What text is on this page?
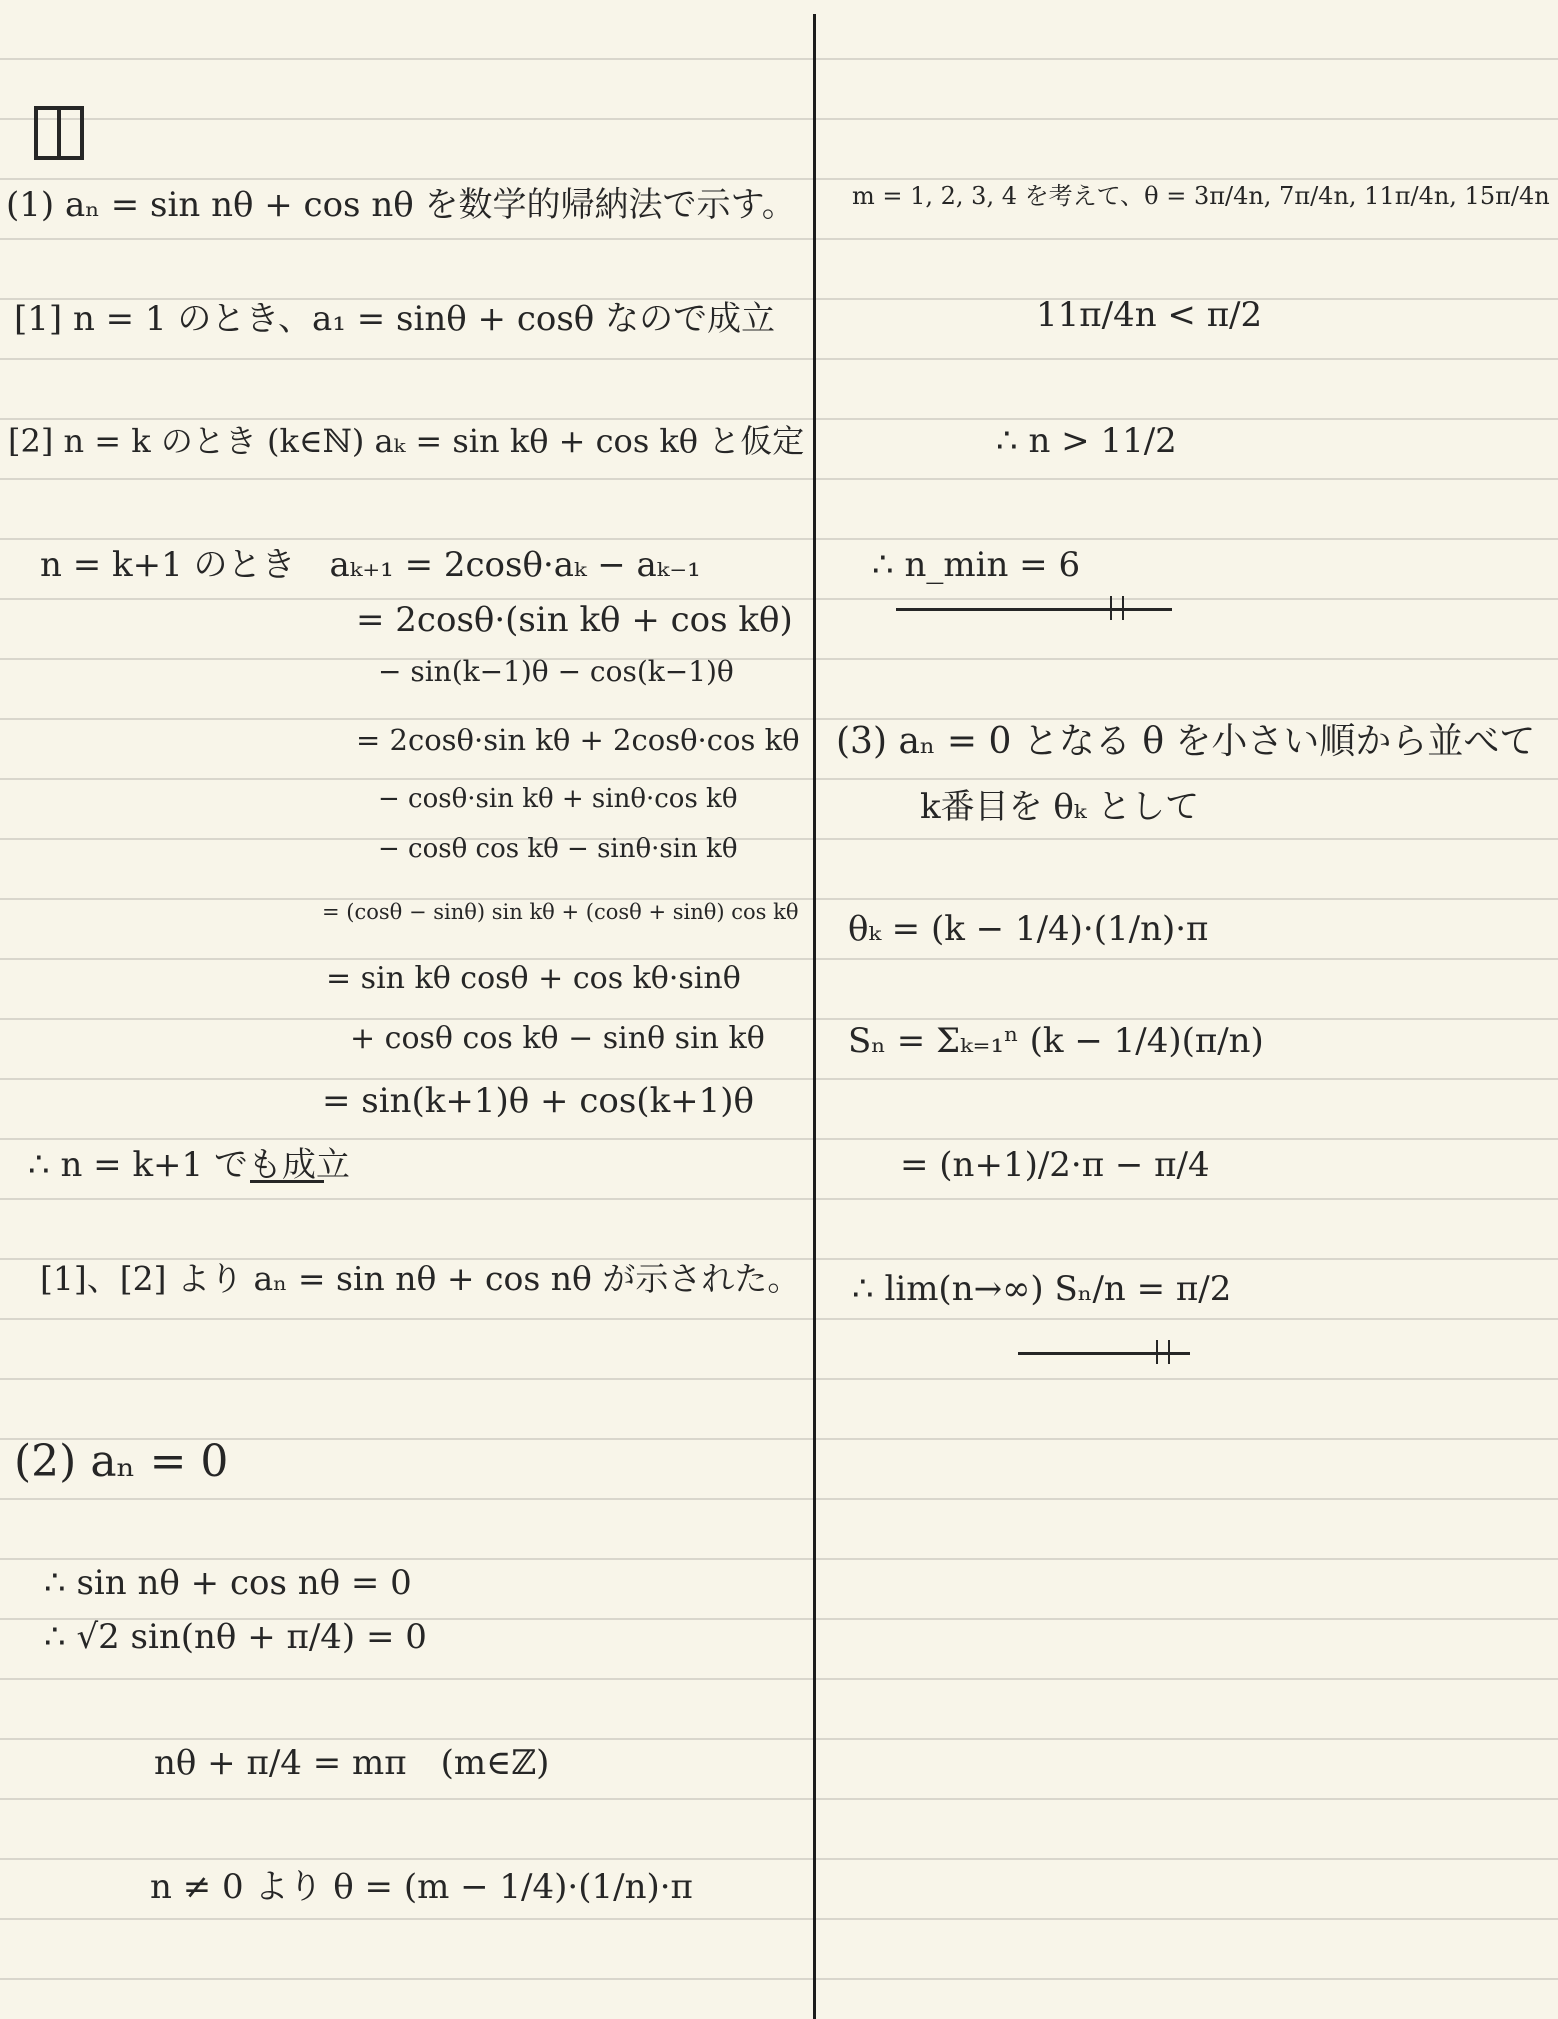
(1) aₙ = sin nθ + cos nθ を数学的帰納法で示す。
[1] n = 1 のとき、a₁ = sinθ + cosθ なので成立
[2] n = k のとき (k∈ℕ) aₖ = sin kθ + cos kθ と仮定
n = k+1 のとき　aₖ₊₁ = 2cosθ·aₖ − aₖ₋₁
= 2cosθ·(sin kθ + cos kθ)
− sin(k−1)θ − cos(k−1)θ
= 2cosθ·sin kθ + 2cosθ·cos kθ
− cosθ·sin kθ + sinθ·cos kθ
− cosθ cos kθ − sinθ·sin kθ
= (cosθ − sinθ) sin kθ + (cosθ + sinθ) cos kθ
= sin kθ cosθ + cos kθ·sinθ
+ cosθ cos kθ − sinθ sin kθ
= sin(k+1)θ + cos(k+1)θ
∴ n = k+1 でも成立
[1]、[2] より aₙ = sin nθ + cos nθ が示された。
(2) aₙ = 0
∴ sin nθ + cos nθ = 0
∴ √2 sin(nθ + π/4) = 0
nθ + π/4 = mπ　(m∈ℤ)
n ≠ 0 より θ = (m − 1/4)·(1/n)·π
m = 1, 2, 3, 4 を考えて、θ = 3π/4n, 7π/4n, 11π/4n, 15π/4n
11π/4n < π/2
∴ n > 11/2
∴ n_min = 6
(3) aₙ = 0 となる θ を小さい順から並べて
k番目を θₖ として
θₖ = (k − 1/4)·(1/n)·π
Sₙ = Σₖ₌₁ⁿ (k − 1/4)(π/n)
= (n+1)/2·π − π/4
∴ lim(n→∞) Sₙ/n = π/2
